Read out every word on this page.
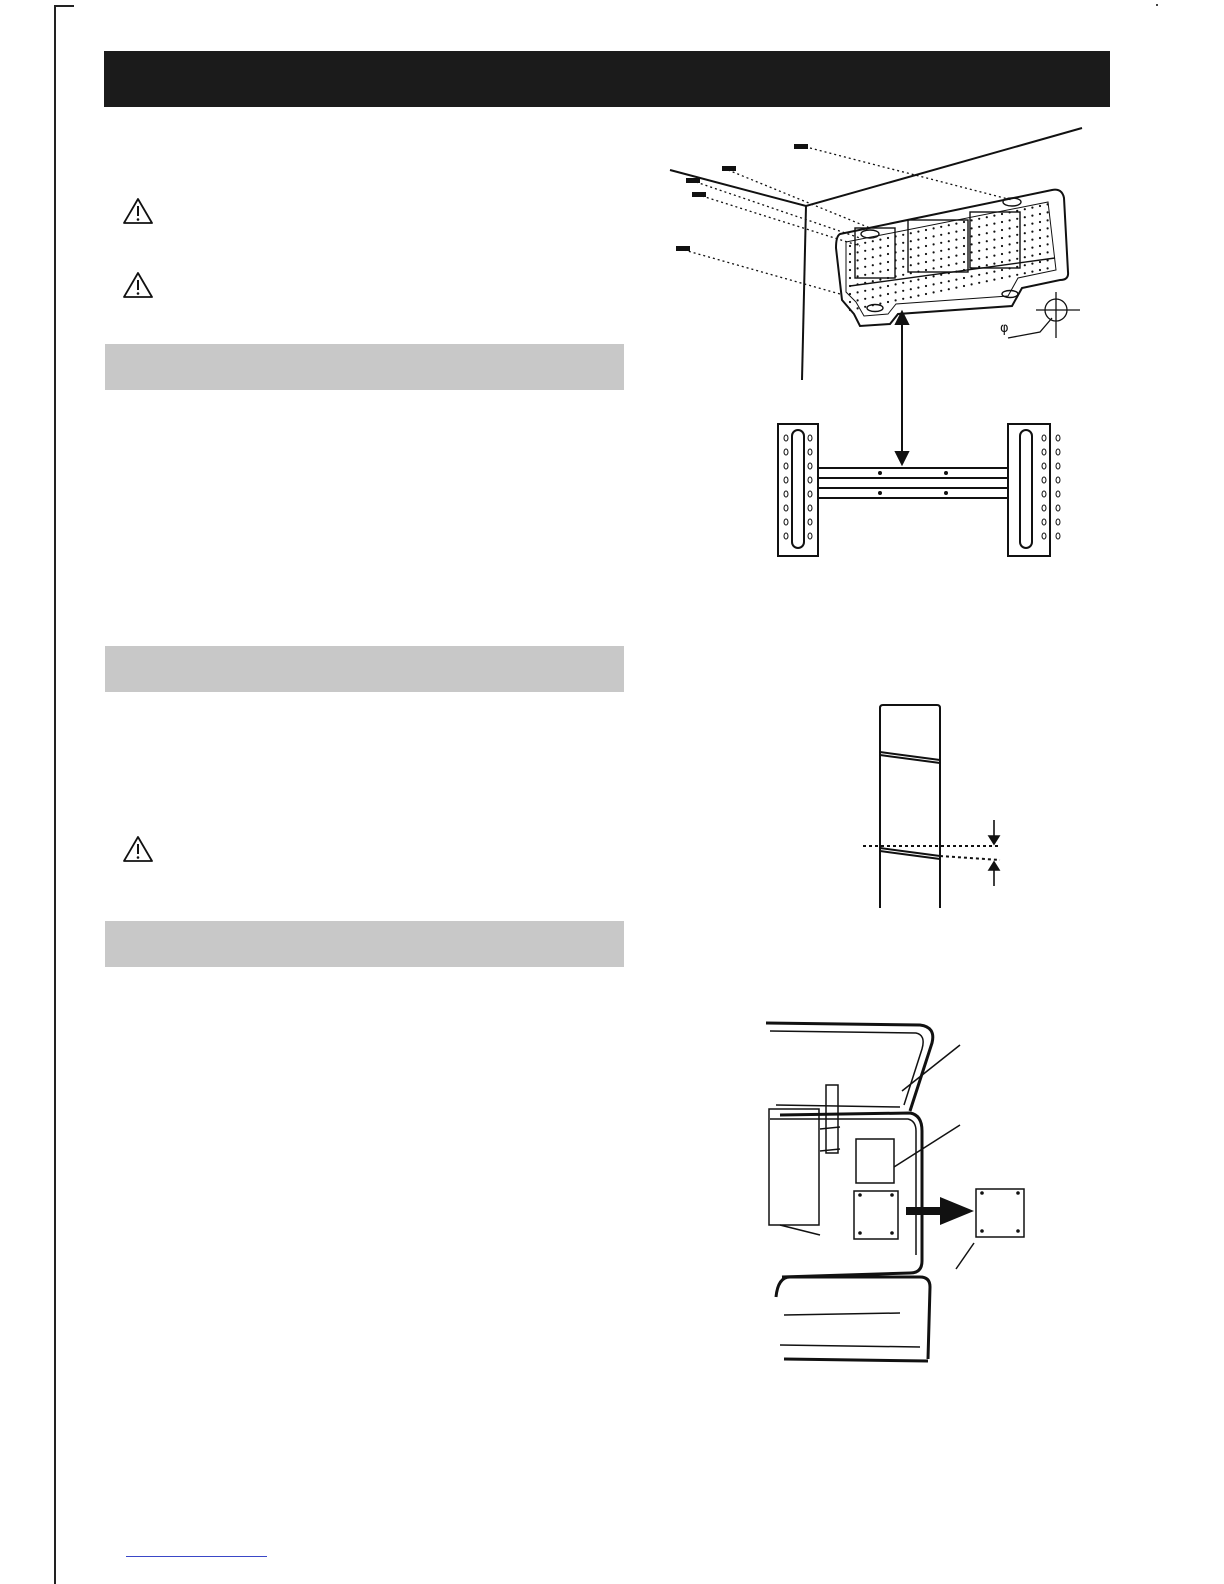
φ
